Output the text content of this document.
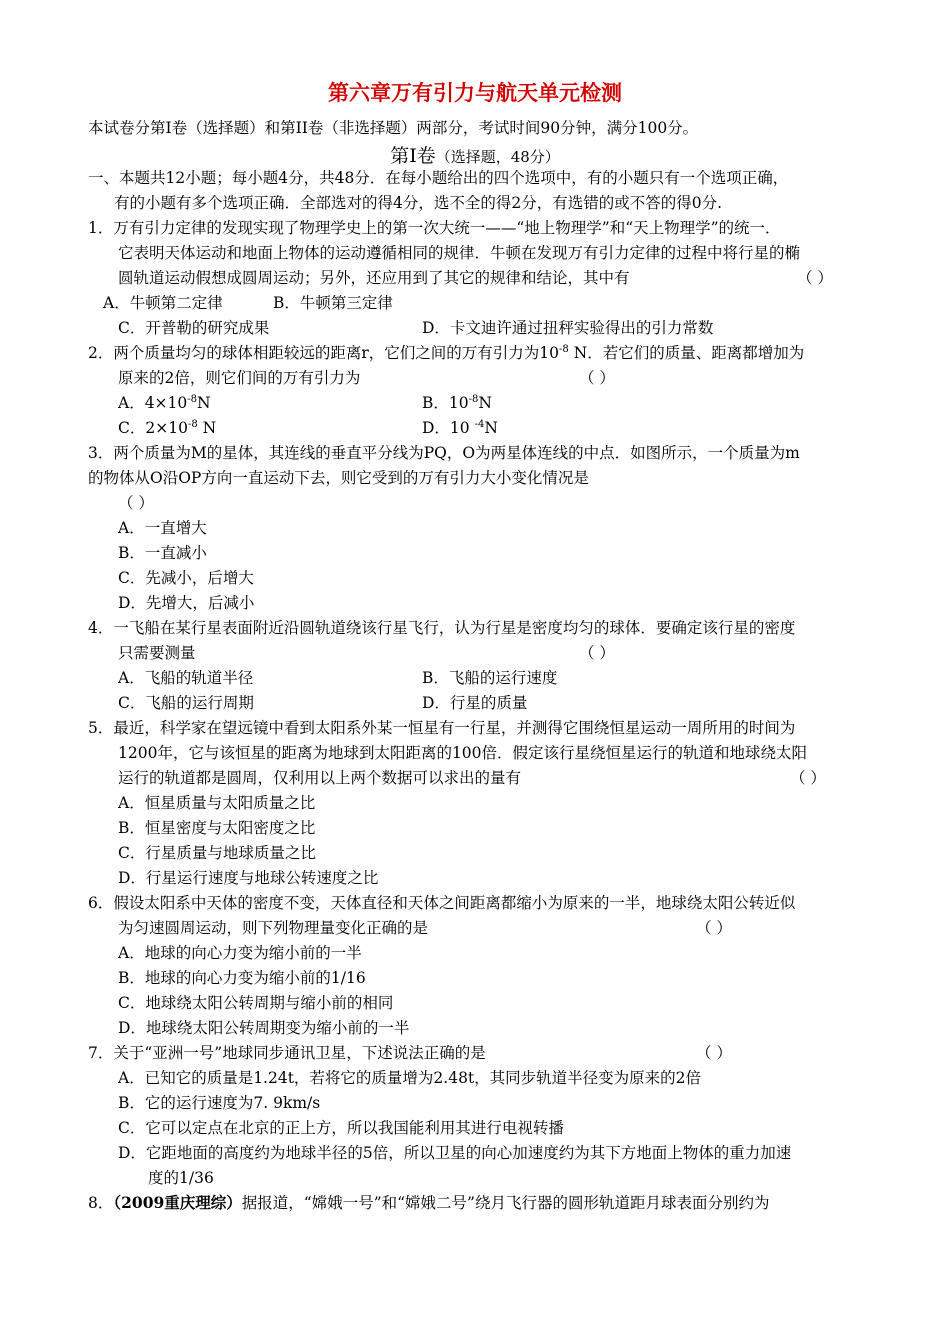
第六章万有引力与航天单元检测
本试卷分第I卷（选择题）和第II卷（非选择题）两部分，考试时间90分钟，满分100分。
第Ⅰ卷（选择题，48分）
一、本题共12小题；每小题4分，共48分．在每小题给出的四个选项中，有的小题只有一个选项正确，
有的小题有多个选项正确．全部选对的得4分，选不全的得2分，有选错的或不答的得0分.
1．万有引力定律的发现实现了物理学史上的第一次大统一——“地上物理学”和“天上物理学”的统一．
它表明天体运动和地面上物体的运动遵循相同的规律．牛顿在发现万有引力定律的过程中将行星的椭
圆轨道运动假想成圆周运动；另外，还应用到了其它的规律和结论，其中有	（ ）
A．牛顿第二定律	B．牛顿第三定律
C．开普勒的研究成果	D．卡文迪许通过扭秤实验得出的引力常数
2．两个质量均匀的球体相距较远的距离r，它们之间的万有引力为$10^{-8}$ N．若它们的质量、距离都增加为
原来的2倍，则它们间的万有引力为	（ ）
A．$4\times 10^{-8}N$	B．$10^{-8}N$
C．$2\times 10^{-8}$ N	D．10 $^{-4}$N
3．两个质量为M的星体，其连线的垂直平分线为PQ，O为两星体连线的中点．如图所示，一个质量为m
的物体从O沿OP方向一直运动下去，则它受到的万有引力大小变化情况是
（ ）
A．一直增大
B．一直减小
C．先减小，后增大
D．先增大，后减小
4．一飞船在某行星表面附近沿圆轨道绕该行星飞行，认为行星是密度均匀的球体．要确定该行星的密度
只需要测量	（ ）
A．飞船的轨道半径	B．飞船的运行速度
C．飞船的运行周期	D．行星的质量
5．最近，科学家在望远镜中看到太阳系外某一恒星有一行星，并测得它围绕恒星运动一周所用的时间为
1200年，它与该恒星的距离为地球到太阳距离的100倍．假定该行星绕恒星运行的轨道和地球绕太阳
运行的轨道都是圆周，仅利用以上两个数据可以求出的量有	（ ）
A．恒星质量与太阳质量之比
B．恒星密度与太阳密度之比
C．行星质量与地球质量之比
D．行星运行速度与地球公转速度之比
6．假设太阳系中天体的密度不变，天体直径和天体之间距离都缩小为原来的一半，地球绕太阳公转近似
为匀速圆周运动，则下列物理量变化正确的是	（ ）
A．地球的向心力变为缩小前的一半
B．地球的向心力变为缩小前的1/16
C．地球绕太阳公转周期与缩小前的相同
D．地球绕太阳公转周期变为缩小前的一半
7．关于“亚洲一号”地球同步通讯卫星，下述说法正确的是	（ ）
A．已知它的质量是1.24t，若将它的质量增为2.48t，其同步轨道半径变为原来的2倍
B．它的运行速度为7. 9km/s
C．它可以定点在北京的正上方，所以我国能利用其进行电视转播
D．它距地面的高度约为地球半径的5倍，所以卫星的向心加速度约为其下方地面上物体的重力加速
度的1/36
8．（2009重庆理综）据报道，“嫦娥一号”和“嫦娥二号”绕月飞行器的圆形轨道距月球表面分别约为
